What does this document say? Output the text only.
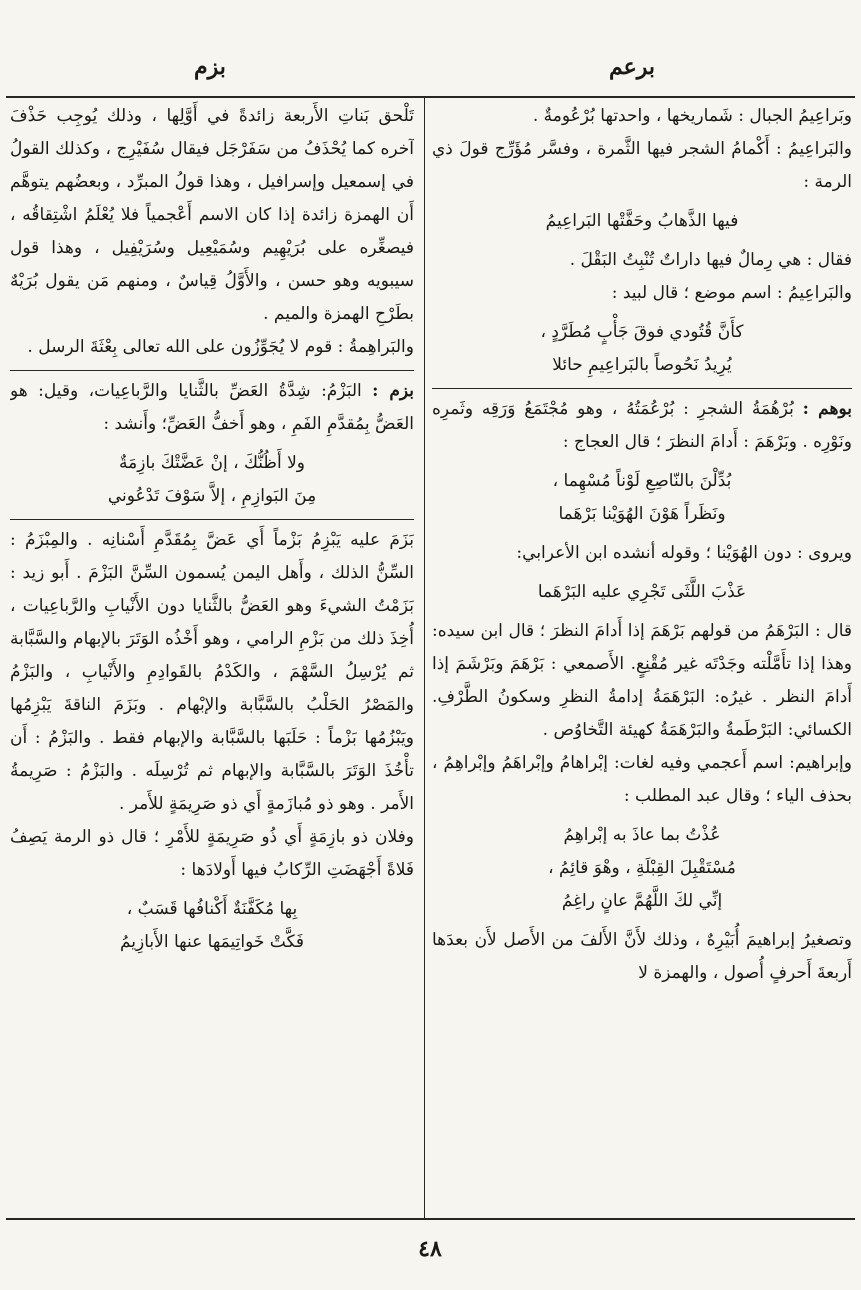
برعم
بزم

وبَراعِيمُ الجبال : شَماريخها ، واحدتها بُرْعُومةٌ .

والبَراعِيمُ : أَكْمامُ الشجر فيها الثَّمرة ، وفسَّر مُؤَرِّج قولَ ذي الرمة :

فيها الذَّهابُ وحَفَّتْها البَراعِيمُ

فقال : هي رِمالٌ فيها داراتٌ تُنْبِتُ البَقْلَ .

والبَراعِيمُ : اسم موضع ؛ قال لبيد :

كأَنَّ قُتُودي فوقَ جَأْبٍ مُطَرَّدٍ ،
يُرِيدُ نَحُوصاً بالبَراعِيمِ حائلا

بوهم : بُرْهُمَةُ الشجرِ : بُرْعُمَتُهُ ، وهو مُجْتَمَعُ وَرَقِه وثَمرِه ونَوْرِه . وبَرْهَمَ : أَدامَ النظرَ ؛ قال العجاج :

بُدِّلْنَ بالنّاصِعِ لَوْناً مُسْهِما ،
ونَظَراً هَوْنَ الهُوَيْنا بَرْهَما

ويروى : دون الهُوَيْنا ؛ وقوله أنشده ابن الأعرابي:

عَذْبَ اللَّثَى تَجْرِي عليه البَرْهَما

قال : البَرْهَمُ من قولهم بَرْهَمَ إذا أَدامَ النظرَ ؛ قال ابن سيده: وهذا إذا تأَمَّلْته وجَدْتَه غير مُقْنِعٍ. الأَصمعي : بَرْهَمَ وبَرْشَمَ إذا أَدامَ النظر . غيرُه: البَرْهَمَةُ إدامةُ النظرِ وسكونُ الطَّرْفِ. الكسائي: البَرْطَمةُ والبَرْهَمَةُ كهيئة التَّخاوُص .

وإبراهيم: اسم أَعجمي وفيه لغات: إبْراهامُ وإبْراهَمُ وإبْراهِمُ ، بحذف الياء ؛ وقال عبد المطلب :

عُذْتُ بما عاذَ به إبْراهِمُ
مُسْتَقْبِلَ القِبْلَةِ ، وهْوَ قائِمُ ،
إنِّي لكَ اللَّهُمَّ عانٍ راغِمُ

وتصغيرُ إبراهيمَ أُبَيْرِهٌ ، وذلك لأَنَّ الأَلفَ من الأَصل لأَن بعدَها أَربعةَ أَحرفٍ أُصول ، والهمزة لا

تَلْحق بَناتِ الأَربعة زائدةً في أَوَّلِها ، وذلك يُوجِب حَذْفَ آخره كما يُحْذَفُ من سَفَرْجَل فيقال سُفَيْرِج ، وكذلك القولُ في إسمعيل وإسرافيل ، وهذا قولُ المبرِّد ، وبعضُهم يتوهَّم أَن الهمزة زائدة إذا كان الاسم أَعْجمياً فلا يُعْلَمُ اشْتِقاقُه ، فيصغِّره على بُرَيْهِيم وسُمَيْعِيل وسُرَيْفِيل ، وهذا قول سيبويه وهو حسن ، والأَوَّلُ قِياسٌ ، ومنهم مَن يقول بُرَيْهٌ بطَرْحِ الهمزة والميم .

والبَراهِمةُ : قوم لا يُجَوِّزُون على الله تعالى بِعْثَةَ الرسل .

بزم : البَزْمُ: شِدَّةُ العَضِّ بالثَّنايا والرَّباعِيات، وقيل: هو العَضُّ بِمُقدَّمِ الفَمِ ، وهو أَخفُّ العَضِّ؛ وأَنشد :

ولا أَظُنُّكَ ، إنْ عَضَّتْكَ بازِمَةٌ
مِنَ البَوازِمِ ، إلاَّ سَوْفَ تَدْعُوني

بَزَمَ عليه يَبْزِمُ بَزْماً أَي عَضَّ بِمُقَدَّمِ أَسْنانِه . والمِبْزَمُ : السِّنُّ الذلك ، وأَهل اليمن يُسمون السِّنَّ البَزْمَ . أَبو زيد : بَزَمْتُ الشيءَ وهو العَضُّ بالثَّنايا دون الأَنْيابِ والرَّباعِيات ، أُخِذَ ذلك من بَزْمِ الرامي ، وهو أَخْذُه الوَتَرَ بالإبهام والسَّبَّابة ثم يُرْسِلُ السَّهْمَ ، والكَدْمُ بالقَوادِمِ والأَنْيابِ ، والبَزْمُ والمَصْرُ الحَلْبُ بالسَّبَّابة والإبْهام . وبَزَمَ الناقةَ يَبْزِمُها ويَبْزُمُها بَزْماً : حَلَبَها بالسَّبَّابة والإبهام فقط . والبَزْمُ : أَن تأْخُذَ الوَتَرَ بالسَّبَّابة والإبهام ثم تُرْسِلَه . والبَزْمُ : صَرِيمةُ الأَمر . وهو ذو مُبازَمةٍ أَي ذو صَرِيمَةٍ للأَمر .

وفلان ذو بازِمَةٍ أَي ذُو صَرِيمَةٍ للأَمْرِ ؛ قال ذو الرمة يَصِفُ فَلاةً أَجْهَضَتِ الرِّكابُ فيها أَولادَها :

بِها مُكَفَّنَةٌ أَكْنافُها قَسَبٌ ،
فَكَّتْ خَواتِيمَها عنها الأَبازِيمُ
٤٨
